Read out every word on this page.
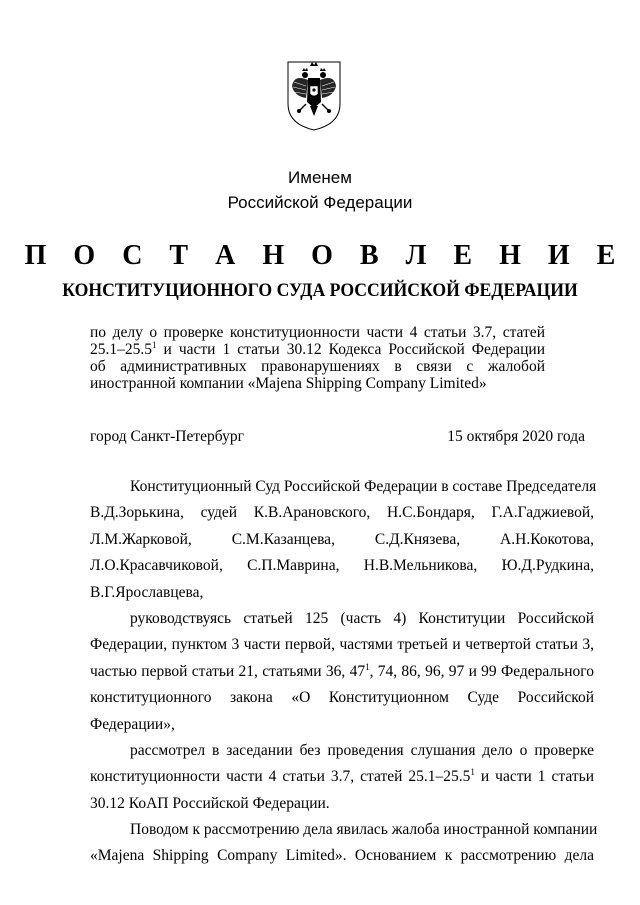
Именем
Российской Федерации
П О С Т А Н О В Л Е Н И Е
КОНСТИТУЦИОННОГО СУДА РОССИЙСКОЙ ФЕДЕРАЦИИ
по делу о проверке конституционности части 4 статьи 3.7, статей
25.1–25.5$^1$ и части 1 статьи 30.12 Кодекса Российской Федерации
об административных правонарушениях в связи с жалобой
иностранной компании «Majena Shipping Company Limited»
город Санкт-Петербург	15 октября 2020 года
Конституционный Суд Российской Федерации в составе Председателя
В.Д.Зорькина, судей К.В.Арановского, Н.С.Бондаря, Г.А.Гаджиевой,
Л.М.Жарковой, С.М.Казанцева, С.Д.Князева, А.Н.Кокотова,
Л.О.Красавчиковой, С.П.Маврина, Н.В.Мельникова, Ю.Д.Рудкина,
В.Г.Ярославцева,
руководствуясь статьей 125 (часть 4) Конституции Российской
Федерации, пунктом 3 части первой, частями третьей и четвертой статьи 3,
частью первой статьи 21, статьями 36, $47^1$, 74, 86, 96, 97 и 99 Федерального
конституционного закона «О Конституционном Суде Российской
Федерации»,
рассмотрел в заседании без проведения слушания дело о проверке
конституционности части 4 статьи 3.7, статей 25.1–25.5$^1$ и части 1 статьи
30.12 КоАП Российской Федерации.
Поводом к рассмотрению дела явилась жалоба иностранной компании
«Majena Shipping Company Limited». Основанием к рассмотрению дела
